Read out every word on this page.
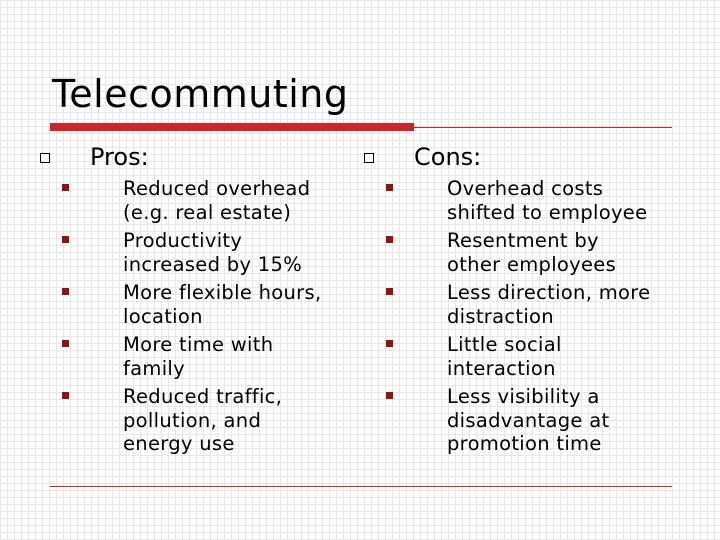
Telecommuting
Pros:
Reduced overhead
(e.g. real estate)
Productivity
increased by 15%
More flexible hours,
location
More time with
family
Reduced traffic,
pollution, and
energy use
Cons:
Overhead costs
shifted to employee
Resentment by
other employees
Less direction, more
distraction
Little social
interaction
Less visibility a
disadvantage at
promotion time
